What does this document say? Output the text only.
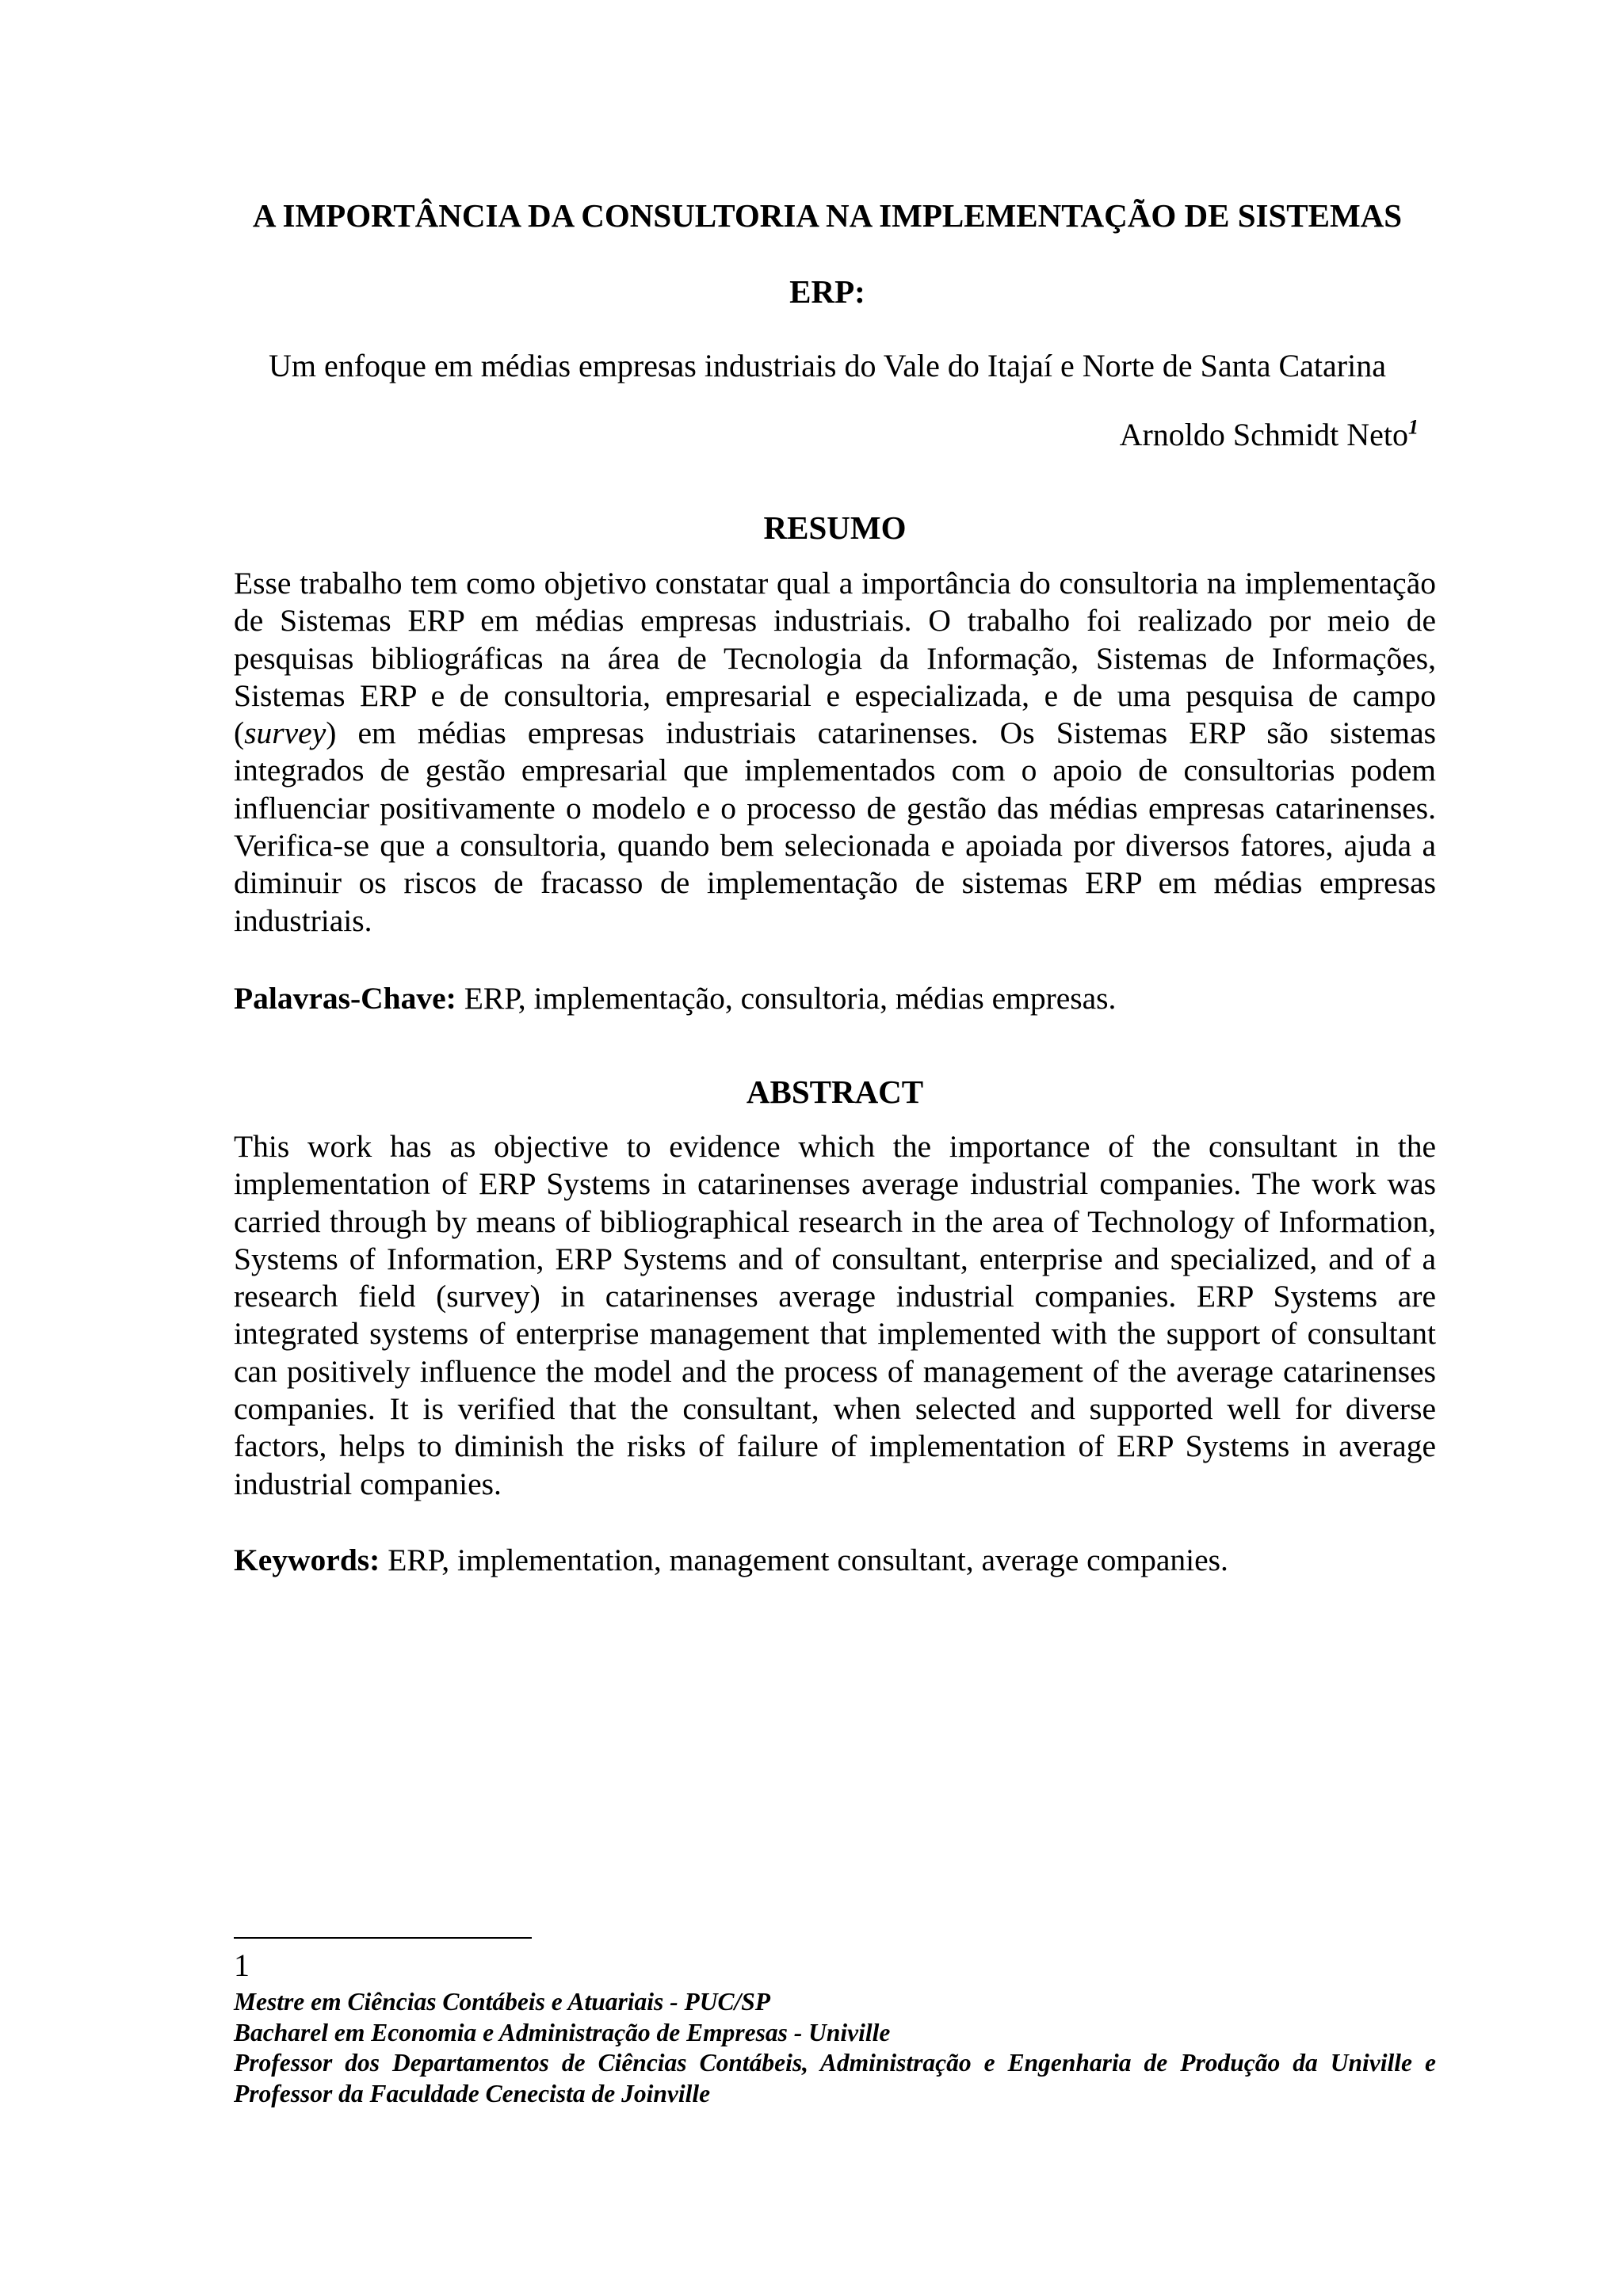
A IMPORTÂNCIA DA CONSULTORIA NA IMPLEMENTAÇÃO DE SISTEMAS
ERP:

Um enfoque em médias empresas industriais do Vale do Itajaí e Norte de Santa Catarina

Arnoldo Schmidt Neto$^1$
RESUMO

Esse trabalho tem como objetivo constatar qual a importância do consultoria na implementação de Sistemas ERP em médias empresas industriais. O trabalho foi realizado por meio de pesquisas bibliográficas na área de Tecnologia da Informação, Sistemas de Informações, Sistemas ERP e de consultoria, empresarial e especializada, e de uma pesquisa de campo (survey) em médias empresas industriais catarinenses. Os Sistemas ERP são sistemas integrados de gestão empresarial que implementados com o apoio de consultorias podem influenciar positivamente o modelo e o processo de gestão das médias empresas catarinenses. Verifica-se que a consultoria, quando bem selecionada e apoiada por diversos fatores, ajuda a diminuir os riscos de fracasso de implementação de sistemas ERP em médias empresas industriais.

Palavras-Chave: ERP, implementação, consultoria, médias empresas.

ABSTRACT

This work has as objective to evidence which the importance of the consultant in the implementation of ERP Systems in catarinenses average industrial companies. The work was carried through by means of bibliographical research in the area of Technology of Information, Systems of Information, ERP Systems and of consultant, enterprise and specialized, and of a research field (survey) in catarinenses average industrial companies. ERP Systems are integrated systems of enterprise management that implemented with the support of consultant can positively influence the model and the process of management of the average catarinenses companies. It is verified that the consultant, when selected and supported well for diverse factors, helps to diminish the risks of failure of implementation of ERP Systems in average industrial companies.

Keywords: ERP, implementation, management consultant, average companies.

1
Mestre em Ciências Contábeis e Atuariais - PUC/SP
Bacharel em Economia e Administração de Empresas - Univille
Professor dos Departamentos de Ciências Contábeis, Administração e Engenharia de Produção da Univille e Professor da Faculdade Cenecista de Joinville
